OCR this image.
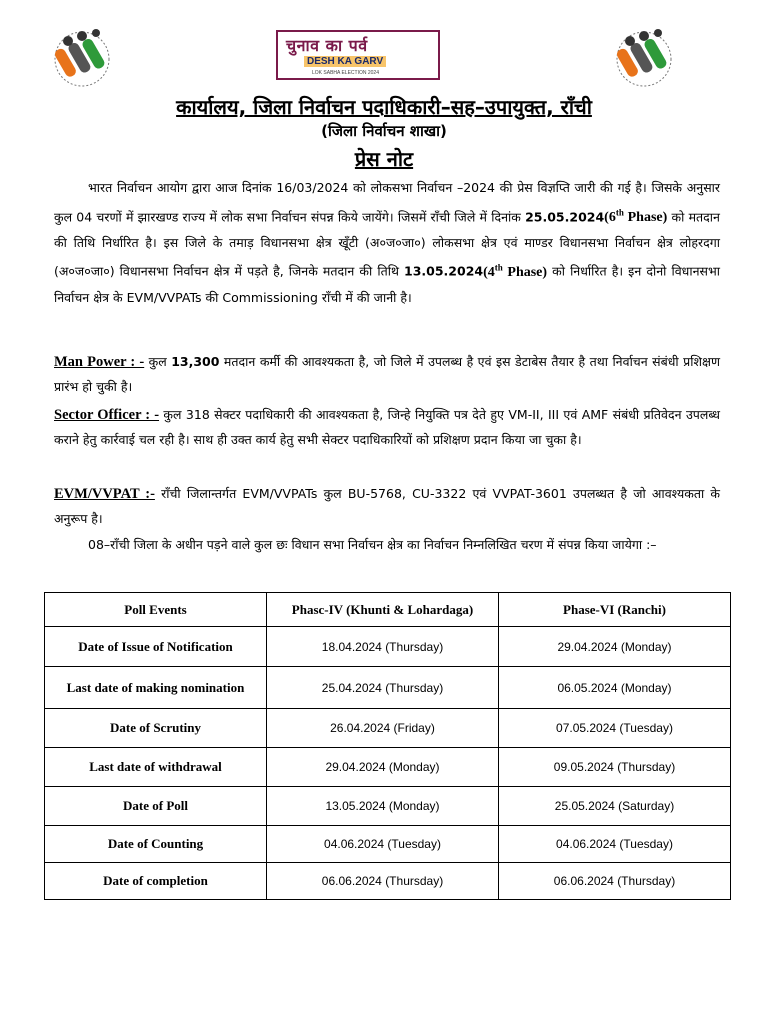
चुनाव का पर्व
DESH KA GARV
LOK SABHA ELECTION 2024
कार्यालय, जिला निर्वाचन पदाधिकारी–सह–उपायुक्त, राँची
(जिला निर्वाचन शाखा)
प्रेस नोट
भारत निर्वाचन आयोग द्वारा आज दिनांक 16/03/2024 को लोकसभा निर्वाचन –2024 की प्रेस विज्ञप्ति जारी की गई है। जिसके अनुसार कुल 04 चरणों में झारखण्ड राज्य में लोक सभा निर्वाचन संपन्न किये जायेंगे। जिसमें राँची जिले में दिनांक 25.05.2024(6th Phase) को मतदान की तिथि निर्धारित है। इस जिले के तमाड़ विधानसभा क्षेत्र खूँटी (अ०ज०जा०) लोकसभा क्षेत्र एवं माण्डर विधानसभा निर्वाचन क्षेत्र लोहरदगा (अ०ज०जा०) विधानसभा निर्वाचन क्षेत्र में पड़ते है, जिनके मतदान की तिथि 13.05.2024(4th Phase) को निर्धारित है। इन दोनो विधानसभा निर्वाचन क्षेत्र के EVM/VVPATs की Commissioning राँची में की जानी है।
Man Power : - कुल 13,300 मतदान कर्मी की आवश्यकता है, जो जिले में उपलब्ध है एवं इस डेटाबेस तैयार है तथा निर्वाचन संबंधी प्रशिक्षण प्रारंभ हो चुकी है।
Sector Officer : - कुल 318 सेक्टर पदाधिकारी की आवश्यकता है, जिन्हे नियुक्ति पत्र देते हुए VM-II, III एवं AMF संबंधी प्रतिवेदन उपलब्ध कराने हेतु कार्रवाई चल रही है। साथ ही उक्त कार्य हेतु सभी सेक्टर पदाधिकारियों को प्रशिक्षण प्रदान किया जा चुका है।
EVM/VVPAT :- राँची जिलान्तर्गत EVM/VVPATs कुल BU-5768, CU-3322 एवं VVPAT-3601 उपलब्धत है जो आवश्यकता के अनुरूप है।
08–राँची जिला के अधीन पड़ने वाले कुल छः विधान सभा निर्वाचन क्षेत्र का निर्वाचन निम्नलिखित चरण में संपन्न किया जायेगा :–
Poll Events	Phasc-IV (Khunti & Lohardaga)	Phase-VI (Ranchi)
Date of Issue of Notification	18.04.2024 (Thursday)	29.04.2024 (Monday)
Last date of making nomination	25.04.2024 (Thursday)	06.05.2024 (Monday)
Date of Scrutiny	26.04.2024 (Friday)	07.05.2024 (Tuesday)
Last date of withdrawal	29.04.2024 (Monday)	09.05.2024 (Thursday)
Date of Poll	13.05.2024 (Monday)	25.05.2024 (Saturday)
Date of Counting	04.06.2024 (Tuesday)	04.06.2024 (Tuesday)
Date of completion	06.06.2024 (Thursday)	06.06.2024 (Thursday)
